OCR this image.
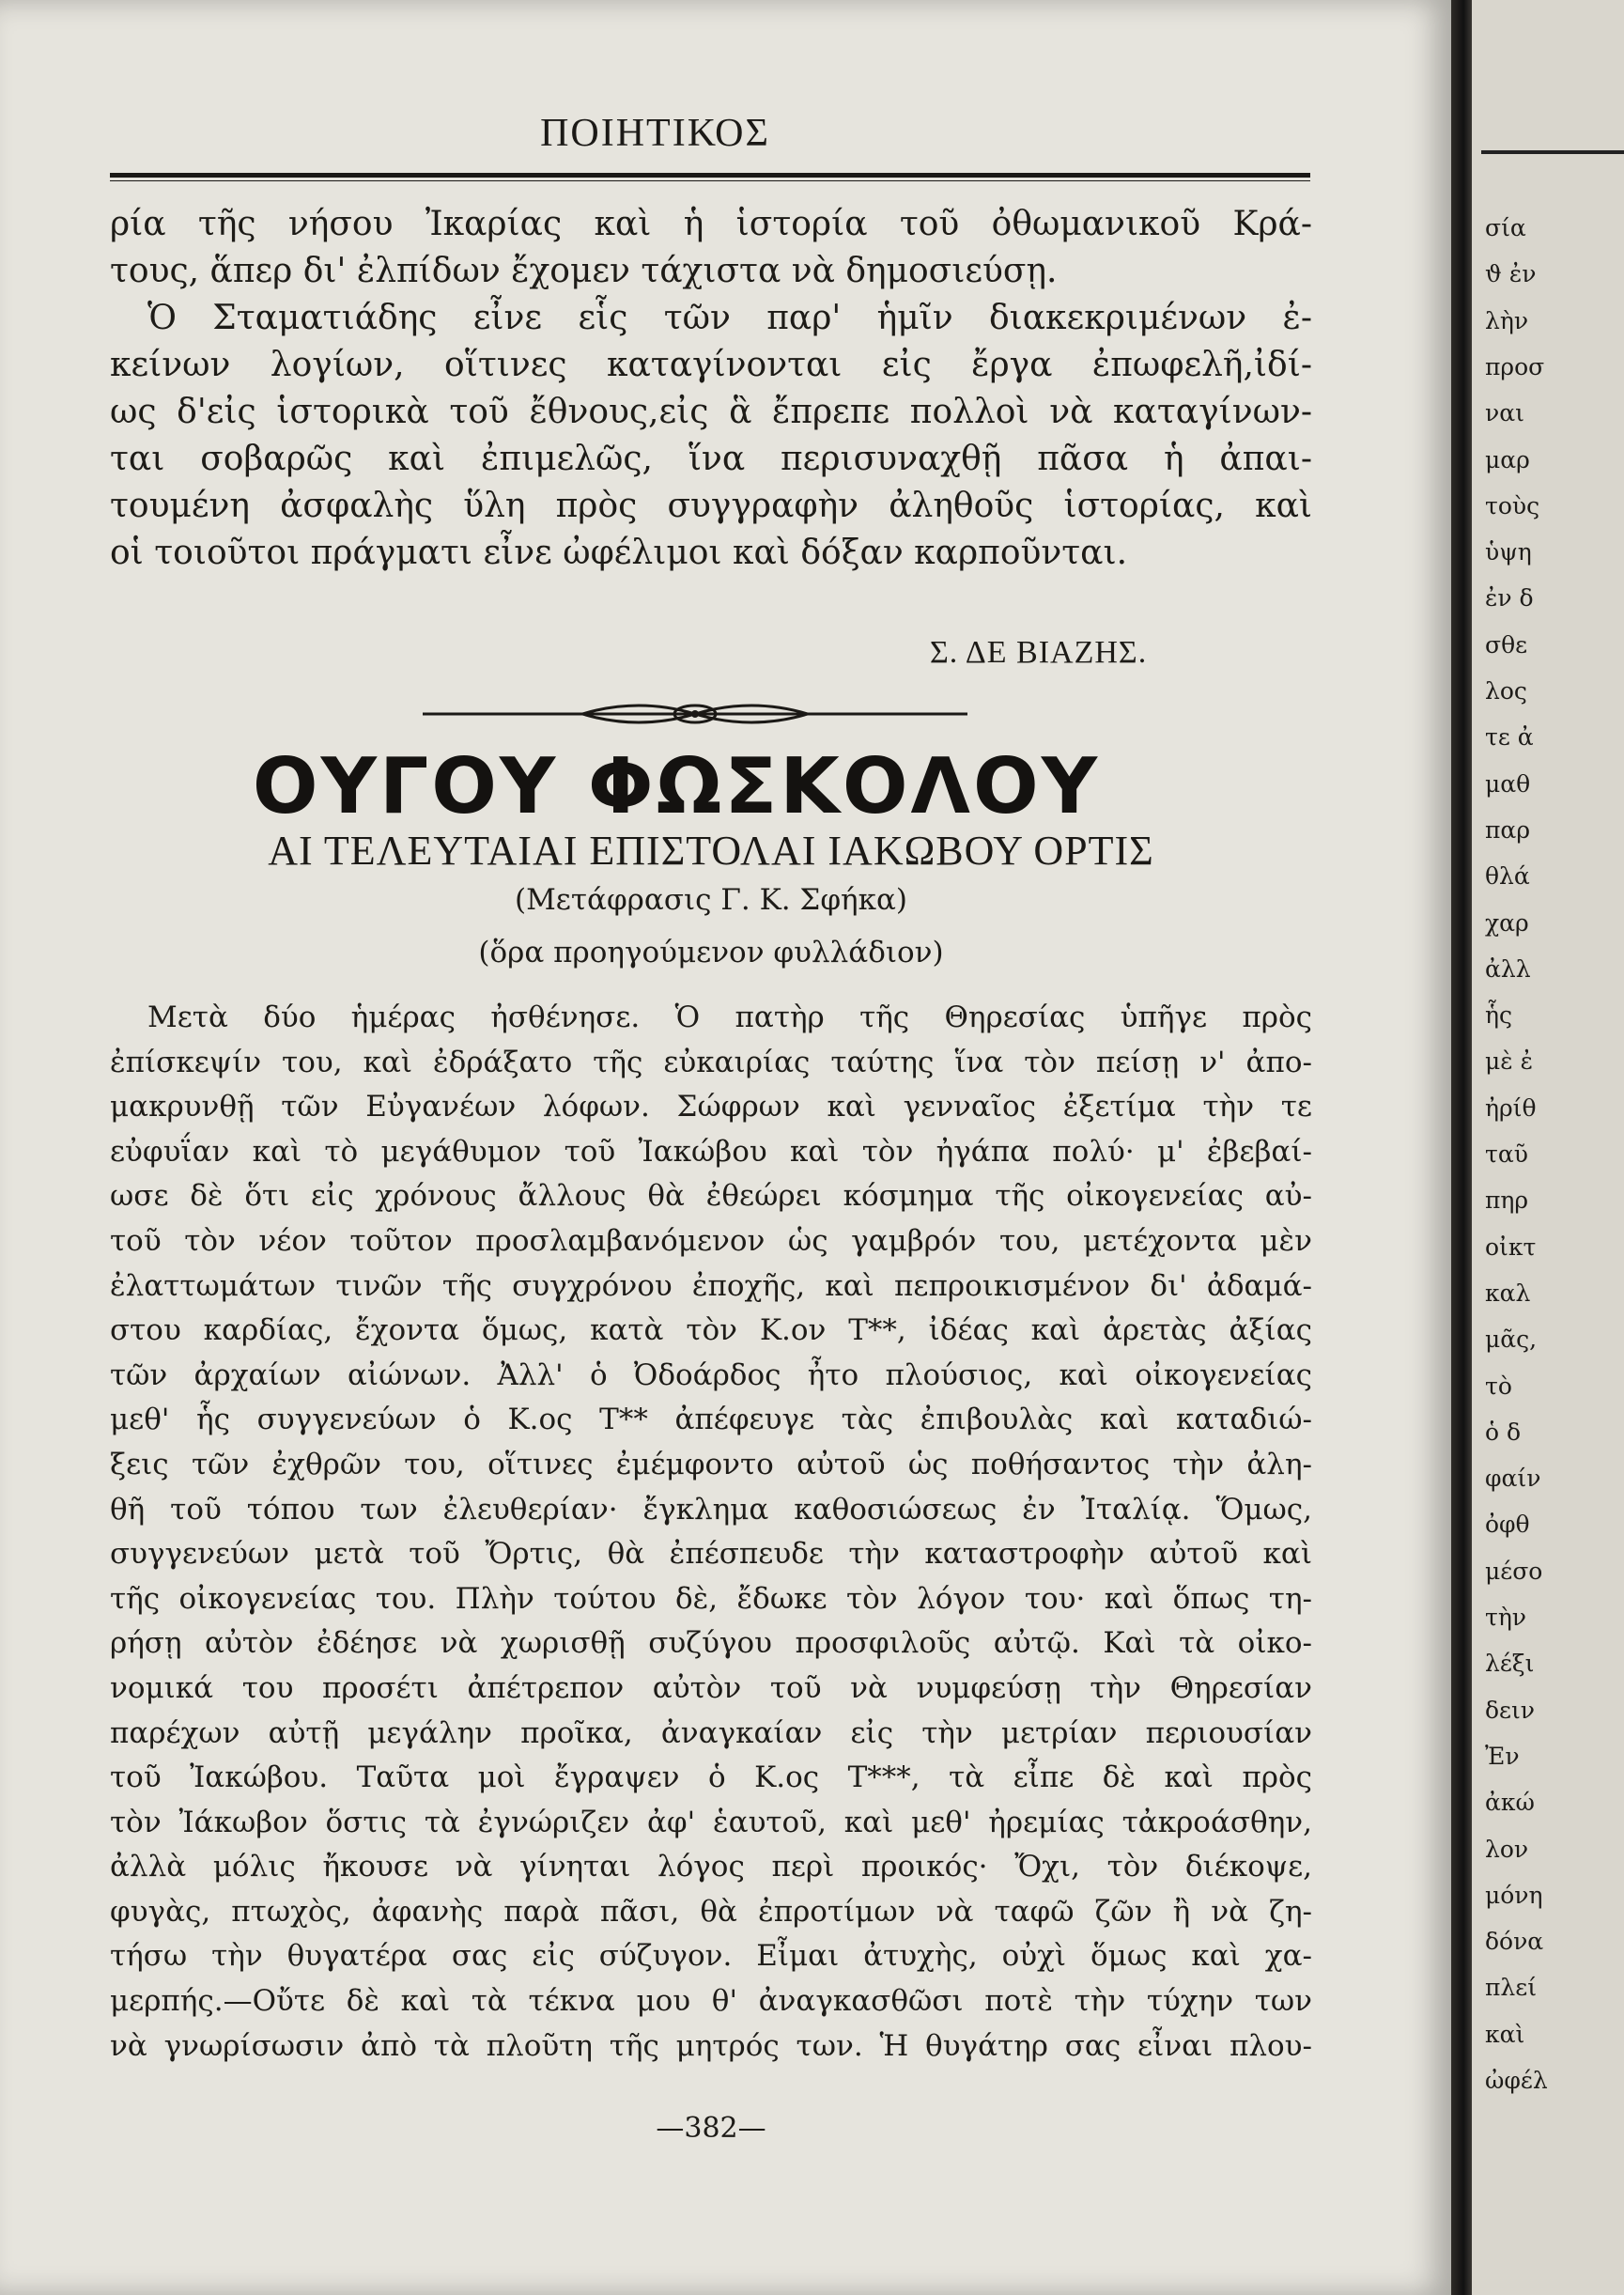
ΠΟΙΗΤΙΚΟΣ
ρία τῆς νήσου Ἰκαρίας καὶ ἡ ἱστορία τοῦ ὀθωμανικοῦ Κρά-
τους, ἅπερ δι' ἐλπίδων ἔχομεν τάχιστα νὰ δημοσιεύσῃ.
Ὁ Σταματιάδης εἶνε εἷς τῶν παρ' ἡμῖν διακεκριμένων ἐ-
κείνων λογίων, οἵτινες καταγίνονται εἰς ἔργα ἐπωφελῆ,ἰδί-
ως δ'εἰς ἱστορικὰ τοῦ ἔθνους,εἰς ἃ ἔπρεπε πολλοὶ νὰ καταγίνων-
ται σοβαρῶς καὶ ἐπιμελῶς, ἵνα περισυναχθῇ πᾶσα ἡ ἀπαι-
τουμένη ἀσφαλὴς ὕλη πρὸς συγγραφὴν ἀληθοῦς ἱστορίας, καὶ
οἱ τοιοῦτοι πράγματι εἶνε ὠφέλιμοι καὶ δόξαν καρποῦνται.
Σ. ΔΕ ΒΙΑΖΗΣ.
ΟΥΓΟΥ ΦΩΣΚΟΛΟΥ
ΑΙ ΤΕΛΕΥΤΑΙΑΙ ΕΠΙΣΤΟΛΑΙ ΙΑΚΩΒΟΥ ΟΡΤΙΣ
(Μετάφρασις Γ. Κ. Σφήκα)
(ὅρα προηγούμενον φυλλάδιον)
Μετὰ δύο ἡμέρας ἠσθένησε. Ὁ πατὴρ τῆς Θηρεσίας ὑπῆγε πρὸς
ἐπίσκεψίν του, καὶ ἐδράξατο τῆς εὐκαιρίας ταύτης ἵνα τὸν πείσῃ ν' ἀπο-
μακρυνθῇ τῶν Εὐγανέων λόφων. Σώφρων καὶ γενναῖος ἐξετίμα τὴν τε
εὐφυΐαν καὶ τὸ μεγάθυμον τοῦ Ἰακώβου καὶ τὸν ἠγάπα πολύ· μ' ἐβεβαί-
ωσε δὲ ὅτι εἰς χρόνους ἄλλους θὰ ἐθεώρει κόσμημα τῆς οἰκογενείας αὐ-
τοῦ τὸν νέον τοῦτον προσλαμβανόμενον ὡς γαμβρόν του, μετέχοντα μὲν
ἐλαττωμάτων τινῶν τῆς συγχρόνου ἐποχῆς, καὶ πεπροικισμένον δι' ἀδαμά-
στου καρδίας, ἔχοντα ὅμως, κατὰ τὸν Κ.ον Τ**, ἰδέας καὶ ἀρετὰς ἀξίας
τῶν ἀρχαίων αἰώνων. Ἀλλ' ὁ Ὀδοάρδος ἦτο πλούσιος, καὶ οἰκογενείας
μεθ' ἧς συγγενεύων ὁ Κ.ος Τ** ἀπέφευγε τὰς ἐπιβουλὰς καὶ καταδιώ-
ξεις τῶν ἐχθρῶν του, οἵτινες ἐμέμφοντο αὐτοῦ ὡς ποθήσαντος τὴν ἀλη-
θῆ τοῦ τόπου των ἐλευθερίαν· ἔγκλημα καθοσιώσεως ἐν Ἰταλίᾳ. Ὅμως,
συγγενεύων μετὰ τοῦ Ὄρτις, θὰ ἐπέσπευδε τὴν καταστροφὴν αὐτοῦ καὶ
τῆς οἰκογενείας του. Πλὴν τούτου δὲ, ἔδωκε τὸν λόγον του· καὶ ὅπως τη-
ρήσῃ αὐτὸν ἐδέησε νὰ χωρισθῇ συζύγου προσφιλοῦς αὐτῷ. Καὶ τὰ οἰκο-
νομικά του προσέτι ἀπέτρεπον αὐτὸν τοῦ νὰ νυμφεύσῃ τὴν Θηρεσίαν
παρέχων αὐτῇ μεγάλην προῖκα, ἀναγκαίαν εἰς τὴν μετρίαν περιουσίαν
τοῦ Ἰακώβου. Ταῦτα μοὶ ἔγραψεν ὁ Κ.ος Τ***, τὰ εἶπε δὲ καὶ πρὸς
τὸν Ἰάκωβον ὅστις τὰ ἐγνώριζεν ἀφ' ἑαυτοῦ, καὶ μεθ' ἠρεμίας τἀκροάσθην,
ἀλλὰ μόλις ἤκουσε νὰ γίνηται λόγος περὶ προικός· Ὄχι, τὸν διέκοψε,
φυγὰς, πτωχὸς, ἀφανὴς παρὰ πᾶσι, θὰ ἐπροτίμων νὰ ταφῶ ζῶν ἢ νὰ ζη-
τήσω τὴν θυγατέρα σας εἰς σύζυγον. Εἶμαι ἀτυχὴς, οὐχὶ ὅμως καὶ χα-
μερπής.—Οὔτε δὲ καὶ τὰ τέκνα μου θ' ἀναγκασθῶσι ποτὲ τὴν τύχην των
νὰ γνωρίσωσιν ἀπὸ τὰ πλοῦτη τῆς μητρός των. Ἡ θυγάτηρ σας εἶναι πλου-
—382—
σία
ϑ ἐν
λὴν
προσ
ναι
μαρ
τοὺς
ὑψη
ἐν δ
σθε
λος
τε ἀ
μαθ
παρ
θλά
χαρ
ἀλλ
ἧς
μὲ ἐ
ἠρίθ
ταῦ
πηρ
οἰκτ
καλ
μᾶς,
τὸ
ὁ δ
φαίν
ὀφθ
μέσο
τὴν
λέξι
δειν
Ἐν
ἀκώ
λον
μόνη
δόνα
πλεί
καὶ
ὠφέλ
